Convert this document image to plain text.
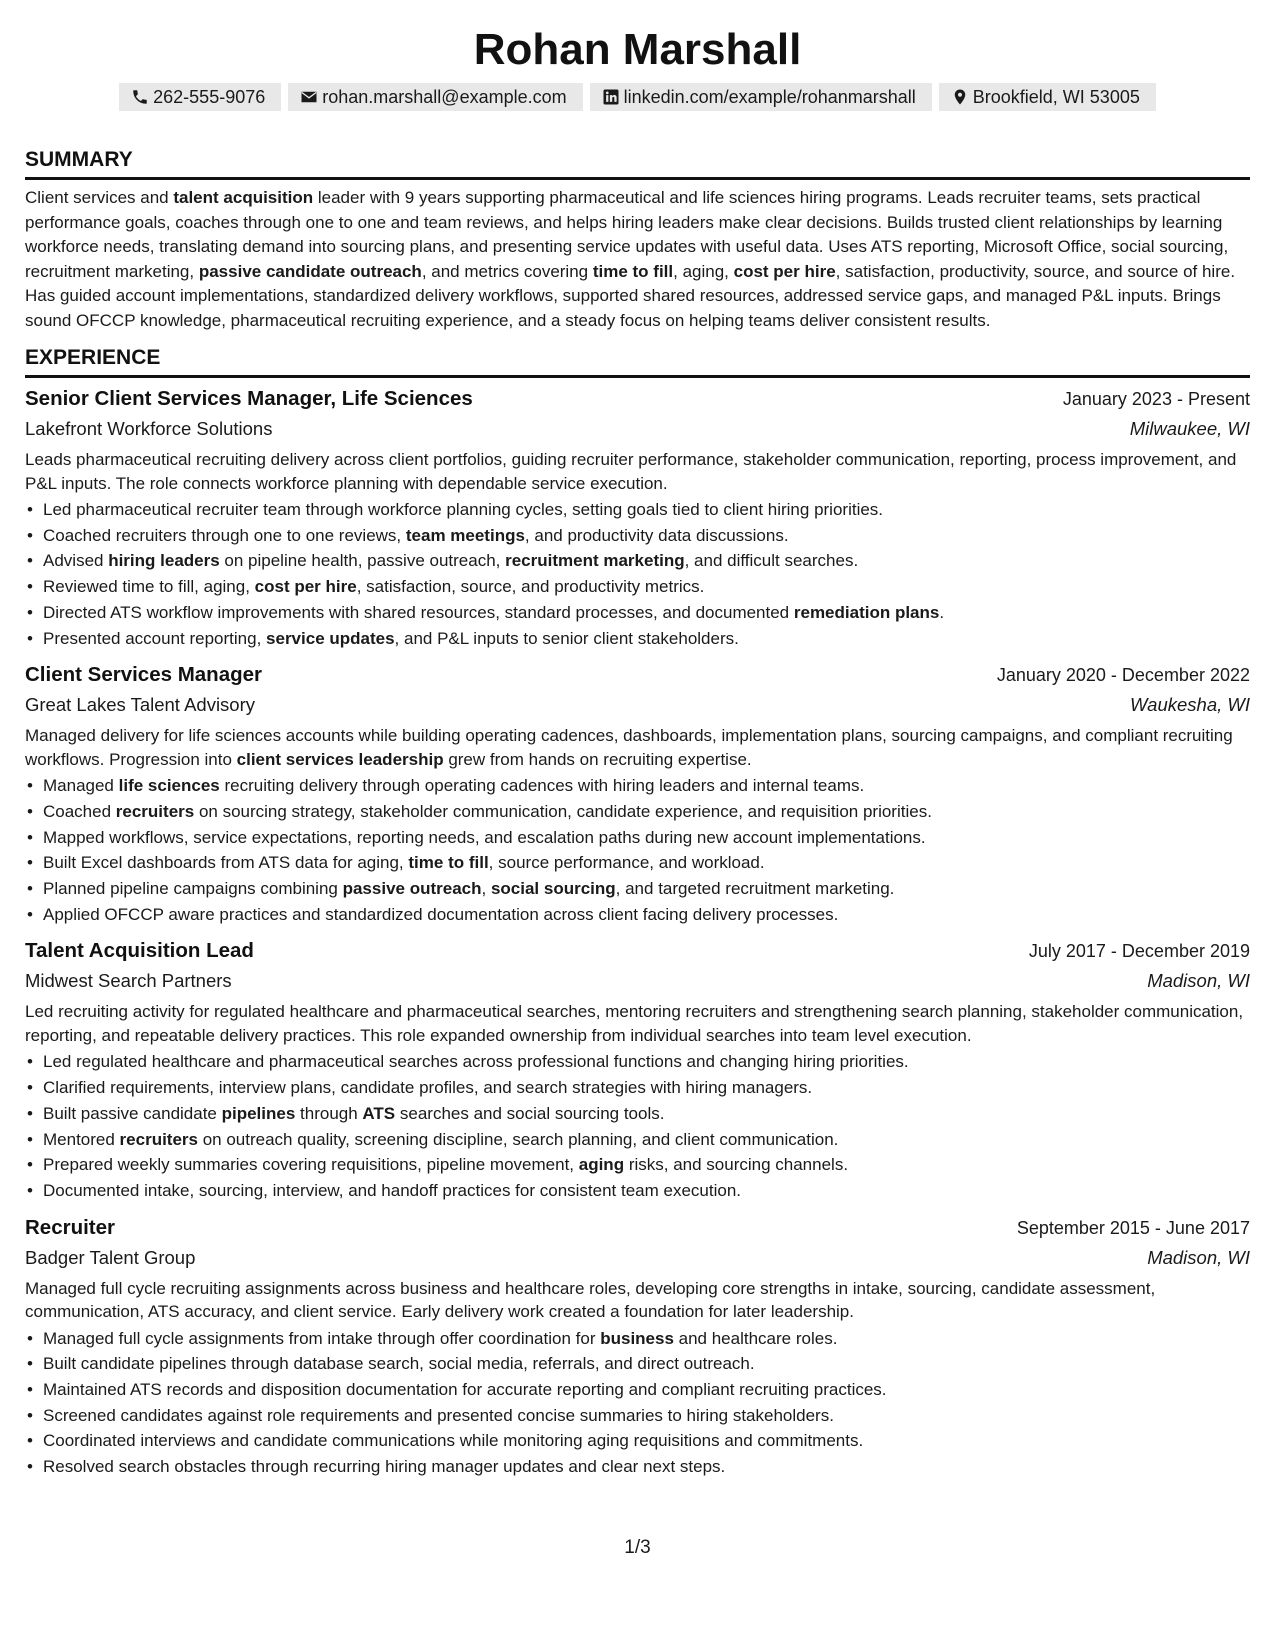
Rohan Marshall
262-555-9076	rohan.marshall@example.com	linkedin.com/example/rohanmarshall	Brookfield, WI 53005
SUMMARY

Client services and talent acquisition leader with 9 years supporting pharmaceutical and life sciences hiring programs. Leads recruiter teams, sets practical performance goals, coaches through one to one and team reviews, and helps hiring leaders make clear decisions. Builds trusted client relationships by learning workforce needs, translating demand into sourcing plans, and presenting service updates with useful data. Uses ATS reporting, Microsoft Office, social sourcing, recruitment marketing, passive candidate outreach, and metrics covering time to fill, aging, cost per hire, satisfaction, productivity, source, and source of hire. Has guided account implementations, standardized delivery workflows, supported shared resources, addressed service gaps, and managed P&L inputs. Brings sound OFCCP knowledge, pharmaceutical recruiting experience, and a steady focus on helping teams deliver consistent results.

EXPERIENCE
Senior Client Services Manager, Life Sciences	January 2023 - Present
Lakefront Workforce Solutions	Milwaukee, WI

Leads pharmaceutical recruiting delivery across client portfolios, guiding recruiter performance, stakeholder communication, reporting, process improvement, and P&L inputs. The role connects workforce planning with dependable service execution.

• Led pharmaceutical recruiter team through workforce planning cycles, setting goals tied to client hiring priorities.
• Coached recruiters through one to one reviews, team meetings, and productivity data discussions.
• Advised hiring leaders on pipeline health, passive outreach, recruitment marketing, and difficult searches.
• Reviewed time to fill, aging, cost per hire, satisfaction, source, and productivity metrics.
• Directed ATS workflow improvements with shared resources, standard processes, and documented remediation plans.
• Presented account reporting, service updates, and P&L inputs to senior client stakeholders.
Client Services Manager	January 2020 - December 2022
Great Lakes Talent Advisory	Waukesha, WI

Managed delivery for life sciences accounts while building operating cadences, dashboards, implementation plans, sourcing campaigns, and compliant recruiting workflows. Progression into client services leadership grew from hands on recruiting expertise.

• Managed life sciences recruiting delivery through operating cadences with hiring leaders and internal teams.
• Coached recruiters on sourcing strategy, stakeholder communication, candidate experience, and requisition priorities.
• Mapped workflows, service expectations, reporting needs, and escalation paths during new account implementations.
• Built Excel dashboards from ATS data for aging, time to fill, source performance, and workload.
• Planned pipeline campaigns combining passive outreach, social sourcing, and targeted recruitment marketing.
• Applied OFCCP aware practices and standardized documentation across client facing delivery processes.
Talent Acquisition Lead	July 2017 - December 2019
Midwest Search Partners	Madison, WI

Led recruiting activity for regulated healthcare and pharmaceutical searches, mentoring recruiters and strengthening search planning, stakeholder communication, reporting, and repeatable delivery practices. This role expanded ownership from individual searches into team level execution.

• Led regulated healthcare and pharmaceutical searches across professional functions and changing hiring priorities.
• Clarified requirements, interview plans, candidate profiles, and search strategies with hiring managers.
• Built passive candidate pipelines through ATS searches and social sourcing tools.
• Mentored recruiters on outreach quality, screening discipline, search planning, and client communication.
• Prepared weekly summaries covering requisitions, pipeline movement, aging risks, and sourcing channels.
• Documented intake, sourcing, interview, and handoff practices for consistent team execution.
Recruiter	September 2015 - June 2017
Badger Talent Group	Madison, WI

Managed full cycle recruiting assignments across business and healthcare roles, developing core strengths in intake, sourcing, candidate assessment, communication, ATS accuracy, and client service. Early delivery work created a foundation for later leadership.

• Managed full cycle assignments from intake through offer coordination for business and healthcare roles.
• Built candidate pipelines through database search, social media, referrals, and direct outreach.
• Maintained ATS records and disposition documentation for accurate reporting and compliant recruiting practices.
• Screened candidates against role requirements and presented concise summaries to hiring stakeholders.
• Coordinated interviews and candidate communications while monitoring aging requisitions and commitments.
• Resolved search obstacles through recurring hiring manager updates and clear next steps.
1/3
